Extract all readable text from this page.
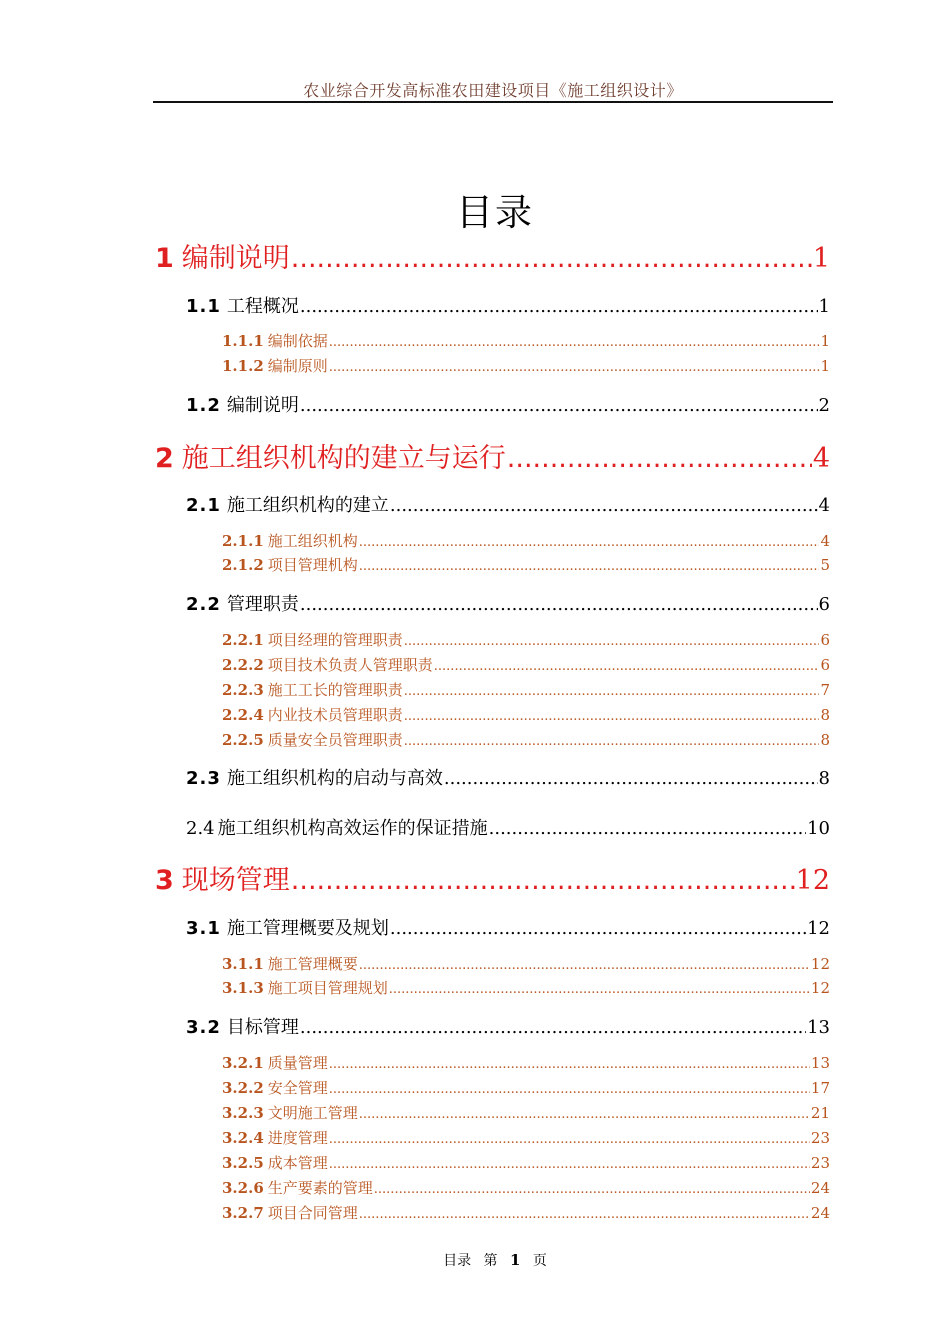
农业综合开发高标准农田建设项目《施工组织设计》
目录
1 编制说明 .....	1
1.1 工程概况 .....	1
1.1.1 编制依据 .....	1
1.1.2 编制原则 .....	1
1.2 编制说明 .....	2
2 施工组织机构的建立与运行 .....	4
2.1 施工组织机构的建立 .....	4
2.1.1 施工组织机构 .....	4
2.1.2 项目管理机构 .....	5
2.2 管理职责 .....	6
2.2.1 项目经理的管理职责 .....	6
2.2.2 项目技术负责人管理职责 .....	6
2.2.3 施工工长的管理职责 .....	7
2.2.4 内业技术员管理职责 .....	8
2.2.5 质量安全员管理职责 .....	8
2.3 施工组织机构的启动与高效 .....	8
2.4 施工组织机构高效运作的保证措施 .....	10
3 现场管理 .....	12
3.1 施工管理概要及规划 .....	12
3.1.1 施工管理概要 .....	12
3.1.3 施工项目管理规划 .....	12
3.2 目标管理 .....	13
3.2.1 质量管理 .....	13
3.2.2 安全管理 .....	17
3.2.3 文明施工管理 .....	21
3.2.4 进度管理 .....	23
3.2.5 成本管理 .....	23
3.2.6 生产要素的管理 .....	24
3.2.7 项目合同管理 .....	24
目录 第 1 页
